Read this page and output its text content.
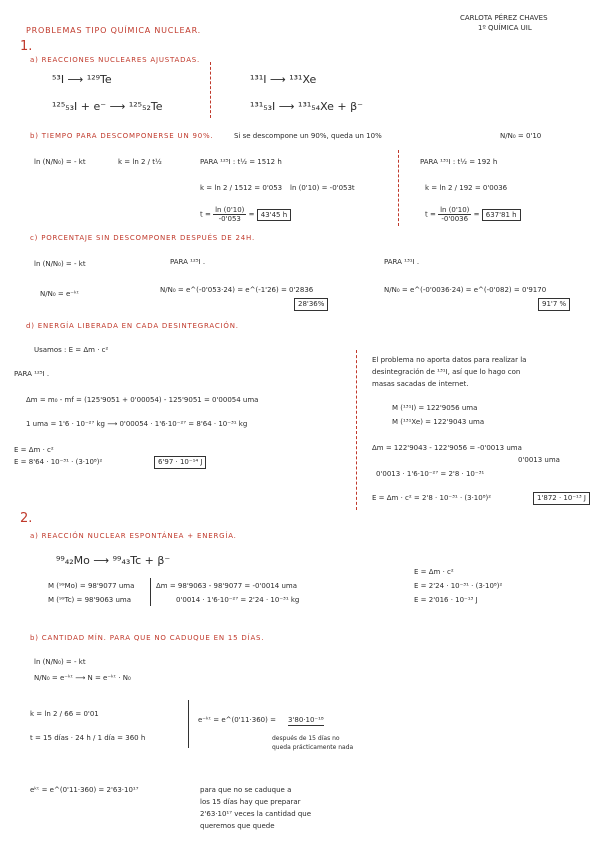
PROBLEMAS TIPO QUÍMICA NUCLEAR.
CARLOTA PÉREZ CHAVES
1º QUÍMICA UIL
1.
a) REACCIONES NUCLEARES AJUSTADAS.
⁵³I ⟶ ¹²⁹Te
¹²⁵₅₃I + e⁻ ⟶ ¹²⁵₅₂Te
¹³¹I ⟶ ¹³¹Xe
¹³¹₅₃I ⟶ ¹³¹₅₄Xe + β⁻
b) TIEMPO PARA DESCOMPONERSE UN 90%.	Si se descompone un 90%, queda un 10%	N/N₀ = 0'10
ln (N/N₀) = - kt	k = ln 2 / t½	PARA ¹²⁵I : t½ = 1512 h
k = ln 2 / 1512 = 0'053 ln (0'10) = -0'053t
$t = \frac{\ln (0'10)}{-0'053} = 43'45$ h
PARA ¹³¹I : t½ = 192 h
k = ln 2 / 192 = 0'0036
$t = \frac{\ln (0'10)}{-0'0036} = 637'81$ h
c) PORCENTAJE SIN DESCOMPONER DESPUÉS DE 24H.
ln (N/N₀) = - kt
N/N₀ = e⁻ᵏᵗ
PARA ¹²⁵I .
N/N₀ = e^(-0'053·24) = e^(-1'26) = 0'2836
28'36%
PARA ¹³¹I .
N/N₀ = e^(-0'0036·24) = e^(-0'082) = 0'9170
91'7 %
d) ENERGÍA LIBERADA EN CADA DESINTEGRACIÓN.
Usamos : E = Δm · c²
PARA ¹²⁵I .
Δm = m₀ - mf = (125'9051 + 0'00054) - 125'9051 = 0'00054 uma
1 uma = 1'6 · 10⁻²⁷ kg ⟶ 0'00054 · 1'6·10⁻²⁷ = 8'64 · 10⁻³¹ kg
E = Δm · c²
E = 8'64 · 10⁻³¹ · (3·10⁸)²	6'97 · 10⁻¹⁴ J
El problema no aporta datos para realizar la
desintegración de ¹³¹I, así que lo hago con
masas sacadas de internet.
M (¹³¹I) = 122'9056 uma
M (¹³¹Xe) = 122'9043 uma
Δm = 122'9043 - 122'9056 = -0'0013 uma
0'0013 uma
0'0013 · 1'6·10⁻²⁷ = 2'8 · 10⁻³¹
E = Δm · c² = 2'8 · 10⁻³¹ · (3·10⁸)²	1'872 · 10⁻¹³ J
2.
a) REACCIÓN NUCLEAR ESPONTÁNEA + ENERGÍA.
⁹⁹₄₂Mo ⟶ ⁹⁹₄₃Tc + β⁻
M (⁹⁹Mo) = 98'9077 uma
M (⁹⁹Tc) = 98'9063 uma
Δm = 98'9063 - 98'9077 = -0'0014 uma
0'0014 · 1'6·10⁻²⁷ = 2'24 · 10⁻³¹ kg
E = Δm · c²
E = 2'24 · 10⁻³¹ · (3·10⁸)²
E = 2'016 · 10⁻¹³ J
b) CANTIDAD MÍN. PARA QUE NO CADUQUE EN 15 DÍAS.
ln (N/N₀) = - kt
N/N₀ = e⁻ᵏᵗ ⟶ N = e⁻ᵏᵗ · N₀
k = ln 2 / 66 = 0'01
t = 15 días · 24 h / 1 día = 360 h
e⁻ᵏᵗ = e^(0'11·360) = 3'80·10⁻¹⁸
después de 15 días no
queda prácticamente nada
eᵏᵗ = e^(0'11·360) = 2'63·10¹⁷	para que no se caduque a
los 15 días hay que preparar
2'63·10¹⁷ veces la cantidad que
queremos que quede
